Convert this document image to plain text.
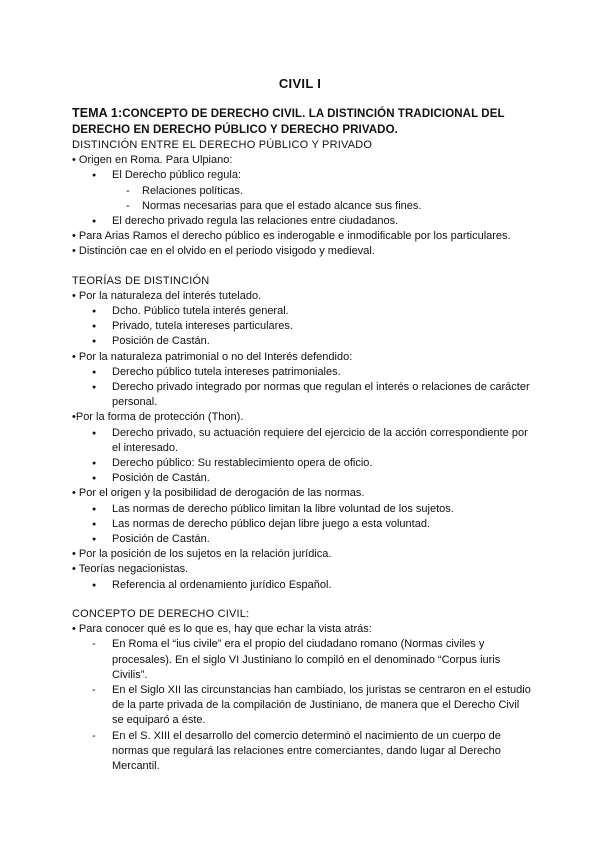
CIVIL I
TEMA 1:CONCEPTO DE DERECHO CIVIL. LA DISTINCIÓN TRADICIONAL DEL DERECHO EN DERECHO PÚBLICO Y DERECHO PRIVADO.
DISTINCIÓN ENTRE EL DERECHO PÚBLICO Y PRIVADO
• Origen en Roma. Para Ulpiano:
● El Derecho público regula:
- Relaciones políticas.
- Normas necesarias para que el estado alcance sus fines.
● El derecho privado regula las relaciones entre ciudadanos.
• Para Arias Ramos el derecho público es inderogable e inmodificable por los particulares.
• Distinción cae en el olvido en el periodo visigodo y medieval.
TEORÍAS DE DISTINCIÓN
• Por la naturaleza del interés tutelado.
● Dcho. Público tutela interés general.
● Privado, tutela intereses particulares.
● Posición de Castán.
• Por la naturaleza patrimonial o no del Interés defendido:
● Derecho público tutela intereses patrimoniales.
● Derecho privado integrado por normas que regulan el interés o relaciones de carácter personal.
•Por la forma de protección (Thon).
● Derecho privado, su actuación requiere del ejercicio de la acción correspondiente por el interesado.
● Derecho público: Su restablecimiento opera de oficio.
● Posición de Castán.
• Por el origen y la posibilidad de derogación de las normas.
● Las normas de derecho público limitan la libre voluntad de los sujetos.
● Las normas de derecho público dejan libre juego a esta voluntad.
● Posición de Castán.
• Por la posición de los sujetos en la relación jurídica.
• Teorías negacionistas.
● Referencia al ordenamiento jurídico Español.
CONCEPTO DE DERECHO CIVIL:
• Para conocer qué es lo que es, hay que echar la vista atrás:
- En Roma el “ius civile” era el propio del ciudadano romano (Normas civiles y procesales). En el siglo VI Justiniano lo compiló en el denominado “Corpus iuris Civilis”.
- En el Siglo XII las circunstancias han cambiado, los juristas se centraron en el estudio de la parte privada de la compilación de Justiniano, de manera que el Derecho Civil se equiparó a éste.
- En el S. XIII el desarrollo del comercio determinó el nacimiento de un cuerpo de normas que regulará las relaciones entre comerciantes, dando lugar al Derecho Mercantil.
